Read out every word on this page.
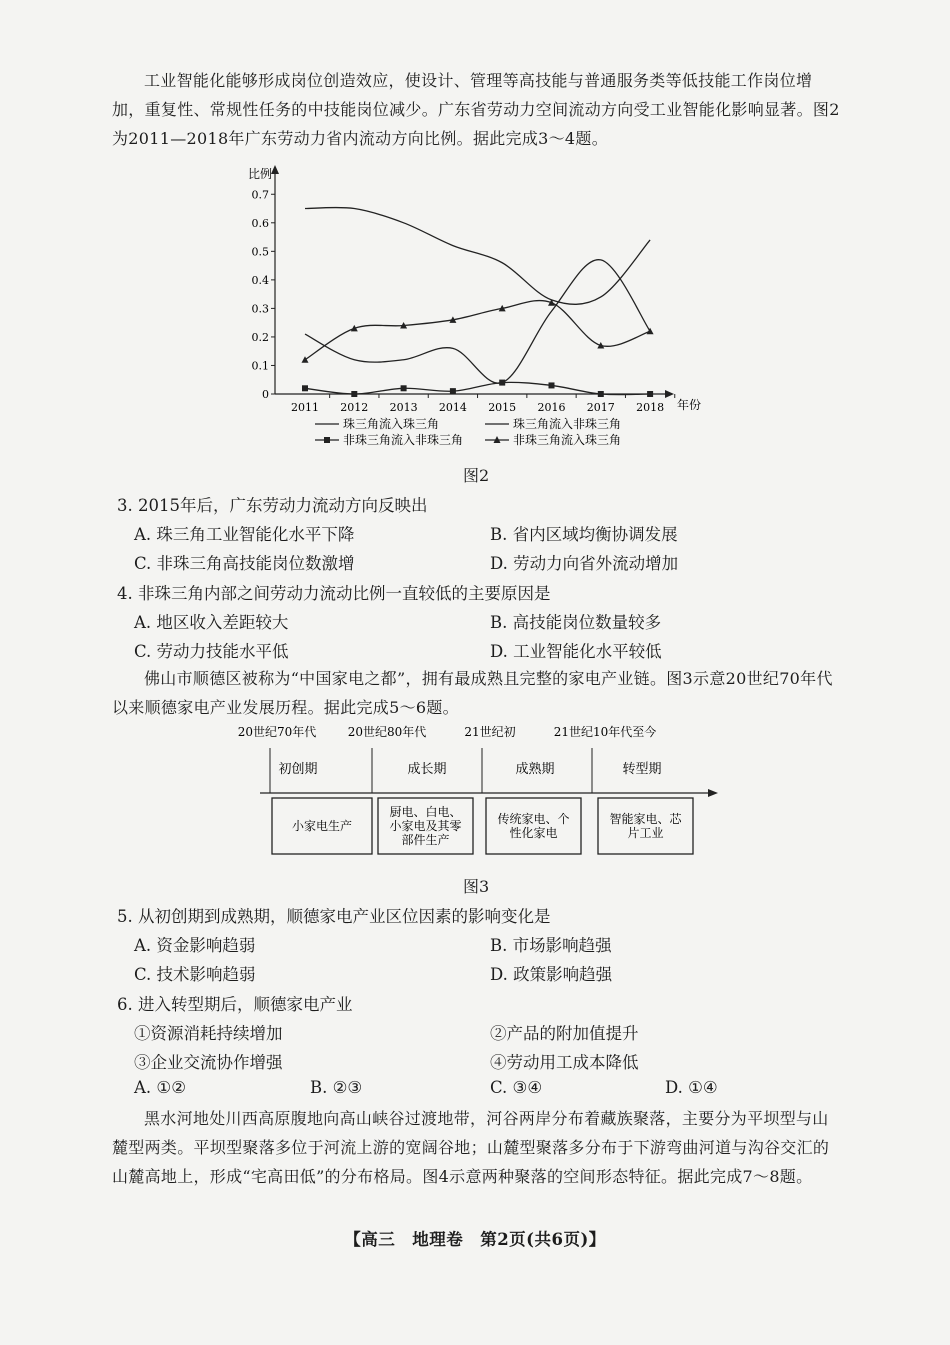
工业智能化能够形成岗位创造效应，使设计、管理等高技能与普通服务类等低技能工作岗位增加，重复性、常规性任务的中技能岗位减少。广东省劳动力空间流动方向受工业智能化影响显著。图2为2011—2018年广东劳动力省内流动方向比例。据此完成3～4题。

比例
年份
0
0.1
0.2
0.3
0.4
0.5
0.6
0.7
2011 2012 2013 2014 2015 2016 2017 2018
珠三角流入珠三角	珠三角流入非珠三角
非珠三角流入非珠三角	非珠三角流入珠三角

图2

3. 2015年后，广东劳动力流动方向反映出

A. 珠三角工业智能化水平下降	B. 省内区域均衡协调发展

C. 非珠三角高技能岗位数激增	D. 劳动力向省外流动增加

4. 非珠三角内部之间劳动力流动比例一直较低的主要原因是

A. 地区收入差距较大	B. 高技能岗位数量较多

C. 劳动力技能水平低	D. 工业智能化水平较低

佛山市顺德区被称为“中国家电之都”，拥有最成熟且完整的家电产业链。图3示意20世纪70年代以来顺德家电产业发展历程。据此完成5～6题。

20世纪70年代	20世纪80年代	21世纪初	21世纪10年代至今
初创期	成长期	成熟期	转型期
小家电生产
厨电、白电、
小家电及其零
部件生产
传统家电、个
性化家电
智能家电、芯
片工业

图3

5. 从初创期到成熟期，顺德家电产业区位因素的影响变化是

A. 资金影响趋弱	B. 市场影响趋强

C. 技术影响趋弱	D. 政策影响趋强

6. 进入转型期后，顺德家电产业

①资源消耗持续增加	②产品的附加值提升

③企业交流协作增强	④劳动用工成本降低

A. ①②	B. ②③	C. ③④	D. ①④

黑水河地处川西高原腹地向高山峡谷过渡地带，河谷两岸分布着藏族聚落，主要分为平坝型与山麓型两类。平坝型聚落多位于河流上游的宽阔谷地；山麓型聚落多分布于下游弯曲河道与沟谷交汇的山麓高地上，形成“宅高田低”的分布格局。图4示意两种聚落的空间形态特征。据此完成7～8题。

【高三　地理卷　第2页(共6页)】
